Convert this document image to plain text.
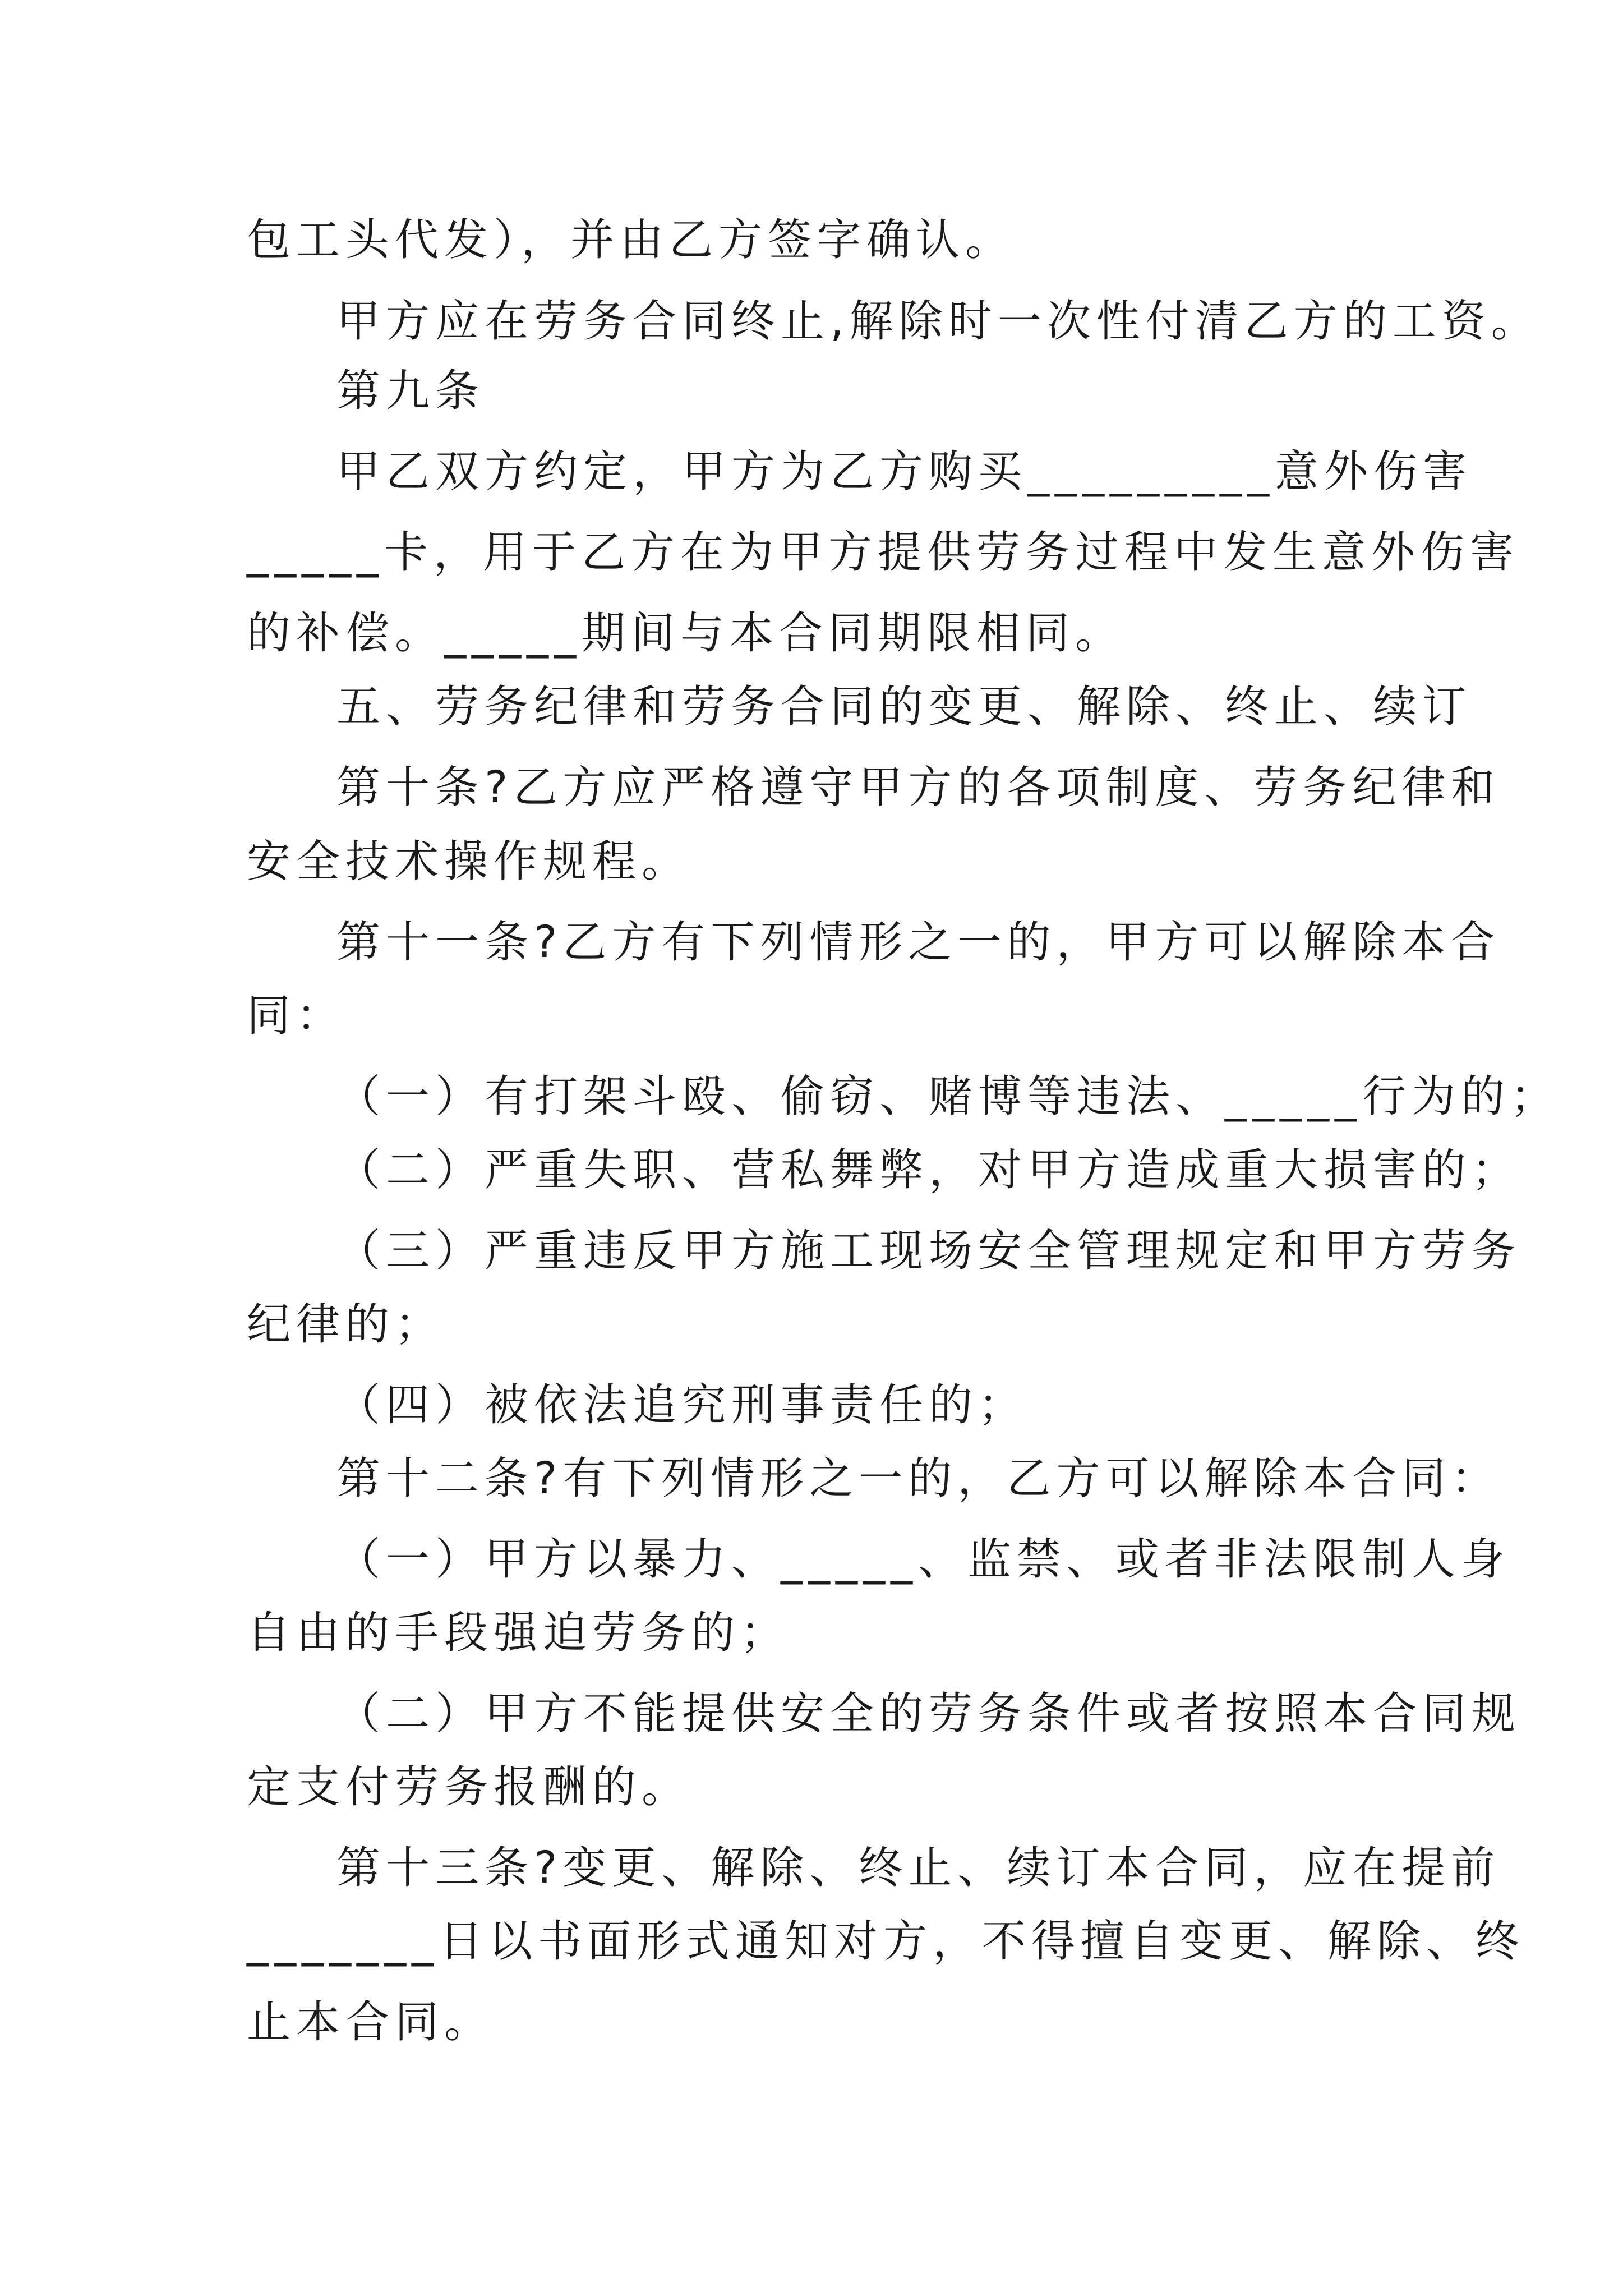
包工头代发），并由乙方签字确认。
甲方应在劳务合同终止,解除时一次性付清乙方的工资。
第九条
甲乙双方约定，甲方为乙方购买_________意外伤害
_____卡，用于乙方在为甲方提供劳务过程中发生意外伤害
的补偿。_____期间与本合同期限相同。
五、劳务纪律和劳务合同的变更、解除、终止、续订
第十条?乙方应严格遵守甲方的各项制度、劳务纪律和
安全技术操作规程。
第十一条?乙方有下列情形之一的，甲方可以解除本合
同：
（一）有打架斗殴、偷窃、赌博等违法、_____行为的；
（二）严重失职、营私舞弊，对甲方造成重大损害的；
（三）严重违反甲方施工现场安全管理规定和甲方劳务
纪律的；
（四）被依法追究刑事责任的；
第十二条?有下列情形之一的，乙方可以解除本合同：
（一）甲方以暴力、_____、监禁、或者非法限制人身
自由的手段强迫劳务的；
（二）甲方不能提供安全的劳务条件或者按照本合同规
定支付劳务报酬的。
第十三条?变更、解除、终止、续订本合同，应在提前
_______日以书面形式通知对方，不得擅自变更、解除、终
止本合同。
